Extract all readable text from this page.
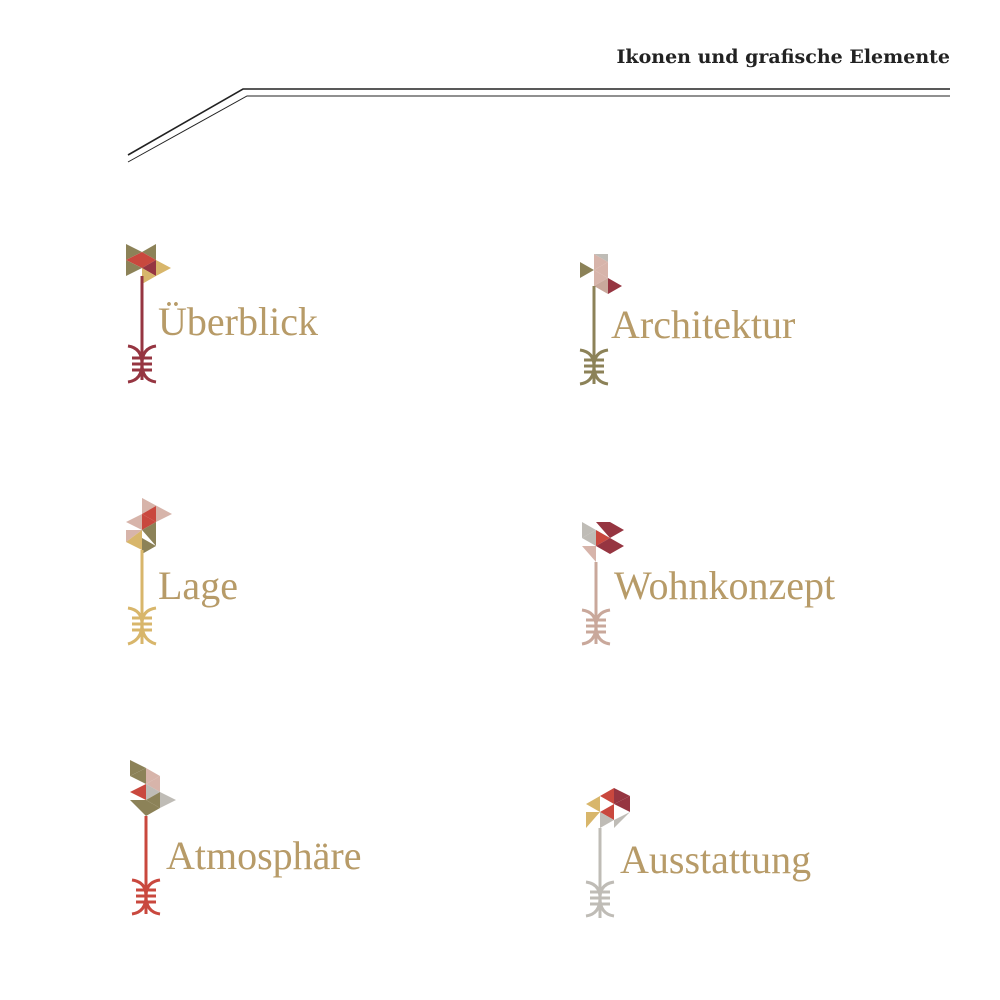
Ikonen und grafische Elemente
Überblick	Architektur
Lage	Wohnkonzept
Atmosphäre	Ausstattung
